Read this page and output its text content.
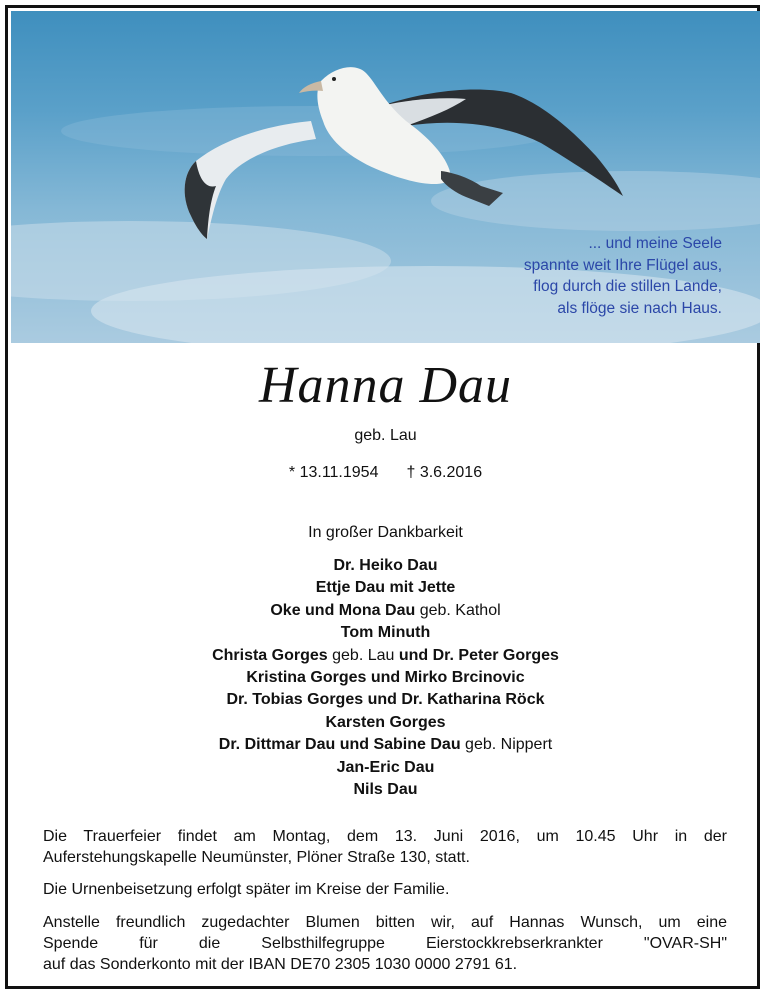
... und meine Seele
spannte weit Ihre Flügel aus,
flog durch die stillen Lande,
als flöge sie nach Haus.
Hanna Dau
geb. Lau
* 13.11.1954 † 3.6.2016
In großer Dankbarkeit
Dr. Heiko Dau
Ettje Dau mit Jette
Oke und Mona Dau geb. Kathol
Tom Minuth
Christa Gorges geb. Lau und Dr. Peter Gorges
Kristina Gorges und Mirko Brcinovic
Dr. Tobias Gorges und Dr. Katharina Röck
Karsten Gorges
Dr. Dittmar Dau und Sabine Dau geb. Nippert
Jan-Eric Dau
Nils Dau
Die Trauerfeier findet am Montag, dem 13. Juni 2016, um 10.45 Uhr in der
Auferstehungskapelle Neumünster, Plöner Straße 130, statt.
Die Urnenbeisetzung erfolgt später im Kreise der Familie.
Anstelle freundlich zugedachter Blumen bitten wir, auf Hannas Wunsch, um eine
Spende für die Selbsthilfegruppe Eierstockkrebserkrankter "OVAR-SH"
auf das Sonderkonto mit der IBAN DE70 2305 1030 0000 2791 61.
